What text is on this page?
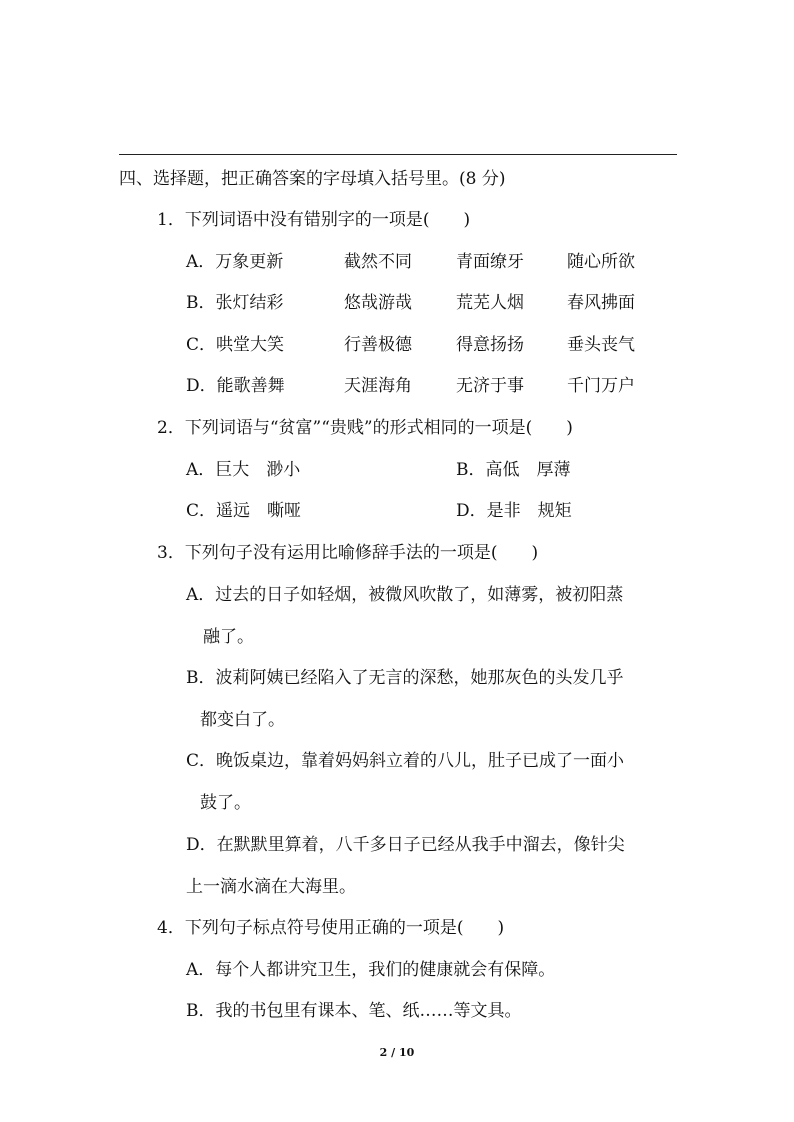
四、选择题，把正确答案的字母填入括号里。(8 分)
1．下列词语中没有错别字的一项是(　　)
A．万象更新	截然不同	青面缭牙	随心所欲
B．张灯结彩	悠哉游哉	荒芜人烟	春风拂面
C．哄堂大笑	行善极德	得意扬扬	垂头丧气
D．能歌善舞	天涯海角	无济于事	千门万户
2．下列词语与“贫富”“贵贱”的形式相同的一项是(　　)
A．巨大　渺小	B．高低　厚薄
C．遥远　嘶哑	D．是非　规矩
3．下列句子没有运用比喻修辞手法的一项是(　　)
A．过去的日子如轻烟，被微风吹散了，如薄雾，被初阳蒸
融了。
B．波莉阿姨已经陷入了无言的深愁，她那灰色的头发几乎
都变白了。
C．晚饭桌边，靠着妈妈斜立着的八儿，肚子已成了一面小
鼓了。
D．在默默里算着，八千多日子已经从我手中溜去，像针尖
上一滴水滴在大海里。
4．下列句子标点符号使用正确的一项是(　　)
A．每个人都讲究卫生，我们的健康就会有保障。
B．我的书包里有课本、笔、纸……等文具。
2 / 10
